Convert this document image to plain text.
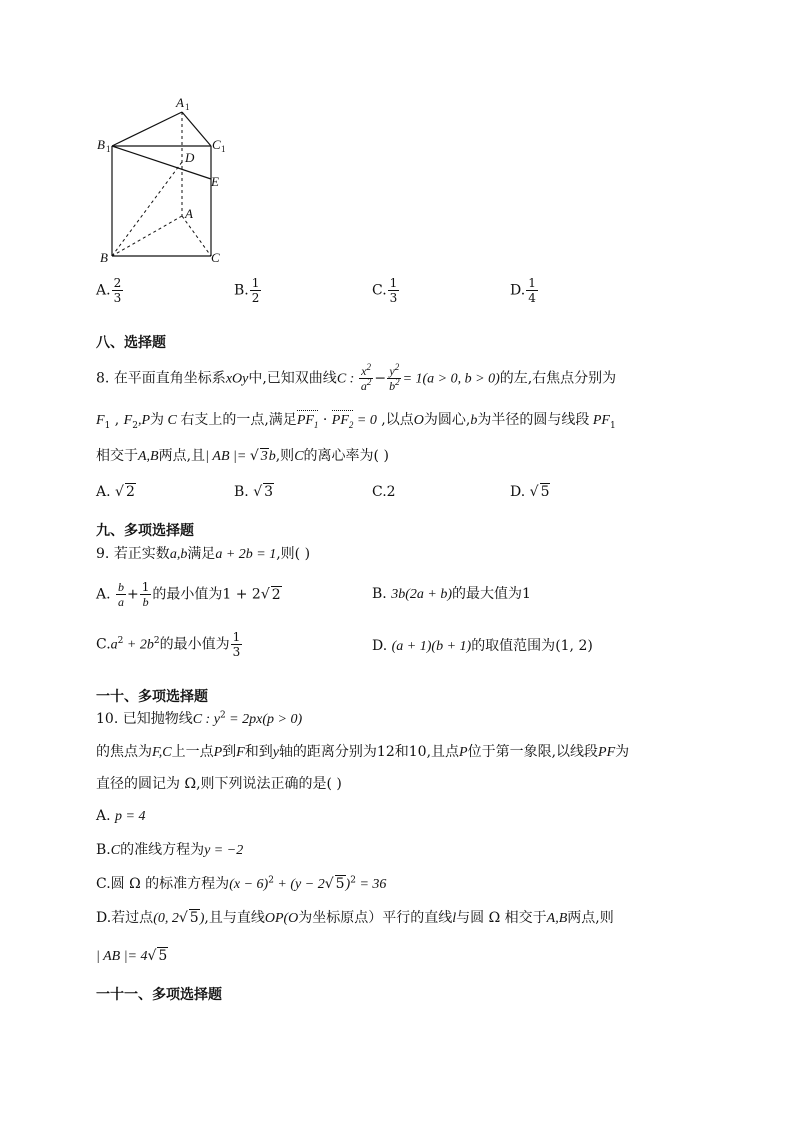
A 1
B 1	C 1
D
E
A
B	C
A. $\frac{2}{3}$	B. $\frac{1}{2}$	C. $\frac{1}{3}$	D. $\frac{1}{4}$
八、选择题
8. 在平面直角坐标系xOy中,已知双曲线C : $\frac{x^2}{a^2} - \frac{y^2}{b^2} = 1(a > 0$, b > 0)的左,右焦点分别为
$F_1$ , $F_2,P$为 C 右支上的一点,满足$PF_1 \cdot PF_2 = 0$ ,以点O为圆心,b为半径的圆与线段 $PF_1$
相交于A,B两点,且| AB |= √ 3b,则C的离心率为( )
A. √ 2	B. √ 3	C.2	D. √ 5
九、多项选择题
9. 若正实数a,b满足a + 2b = 1,则( )
A. $\frac{b}{a} + \frac{1}{b}$ 的最小值为1 + 2√ 2	B. 3b(2a + b)的最大值为1
$C.a^2 + 2b^2$的最小值为 $\frac{1}{3}$	D. (a + 1)(b + 1)的取值范围为(1, 2)
一十、多项选择题
10. 已知抛物线C : $y^2 = 2px(p > 0)$
的焦点为F,C上一点P到F和到y轴的距离分别为12和10,且点P位于第一象限,以线段PF为
直径的圆记为 Ω,则下列说法正确的是( )
A. p = 4
B.C的准线方程为y = −2
C.圆 Ω 的标准方程为$(x - 6)^2 + (y - 2√$ 5)$^2$ = 36
D.若过点(0, 2√ 5),且与直线OP(O为坐标原点）平行的直线l与圆 Ω 相交于A,B两点,则
| AB |= 4√ 5
一十一、多项选择题
